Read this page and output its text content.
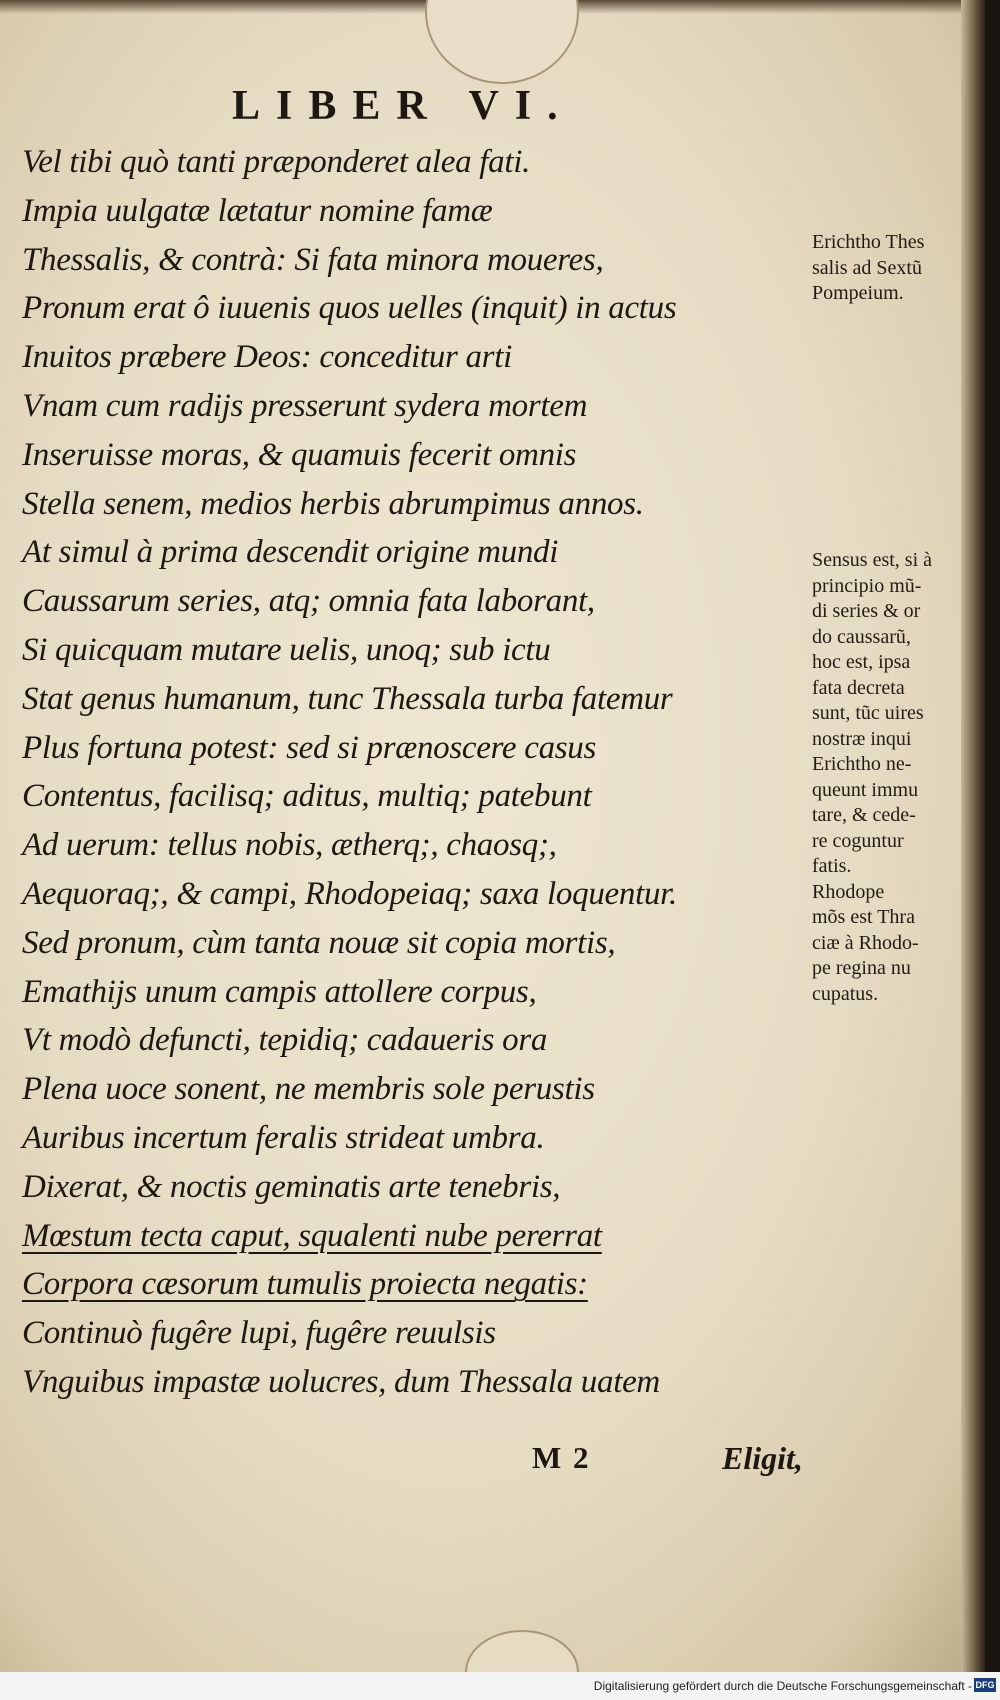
LIBER VI.
Vel tibi quò tanti præponderet alea fati.
Impia uulgatæ lætatur nomine famæ
Thessalis, & contrà: Si fata minora moueres,
Pronum erat ô iuuenis quos uelles (inquit) in actus
Inuitos præbere Deos: conceditur arti
Vnam cum radijs presserunt sydera mortem
Inseruisse moras, & quamuis fecerit omnis
Stella senem, medios herbis abrumpimus annos.
At simul à prima descendit origine mundi
Caussarum series, atq; omnia fata laborant,
Si quicquam mutare uelis, unoq; sub ictu
Stat genus humanum, tunc Thessala turba fatemur
Plus fortuna potest: sed si prænoscere casus
Contentus, facilisq; aditus, multiq; patebunt
Ad uerum: tellus nobis, ætherq;, chaosq;,
Aequoraq;, & campi, Rhodopeiaq; saxa loquentur.
Sed pronum, cùm tanta nouæ sit copia mortis,
Emathijs unum campis attollere corpus,
Vt modò defuncti, tepidiq; cadaueris ora
Plena uoce sonent, ne membris sole perustis
Auribus incertum feralis strideat umbra.
Dixerat, & noctis geminatis arte tenebris,
Mœstum tecta caput, squalenti nube pererrat
Corpora cæsorum tumulis proiecta negatis:
Continuò fugêre lupi, fugêre reuulsis
Vnguibus impastæ uolucres, dum Thessala uatem
Erichtho Thes
salis ad Sextũ
Pompeium.
Sensus est, si à
principio mũ-
di series & or
do caussarũ,
hoc est, ipsa
fata decreta
sunt, tũc uires
nostræ inqui
Erichtho ne-
queunt immu
tare, & cede-
re coguntur
fatis.
Rhodope
mõs est Thra
ciæ à Rhodo-
pe regina nu
cupatus.
M 2	Eligit,
Digitalisierung gefördert durch die Deutsche Forschungsgemeinschaft - DFG
